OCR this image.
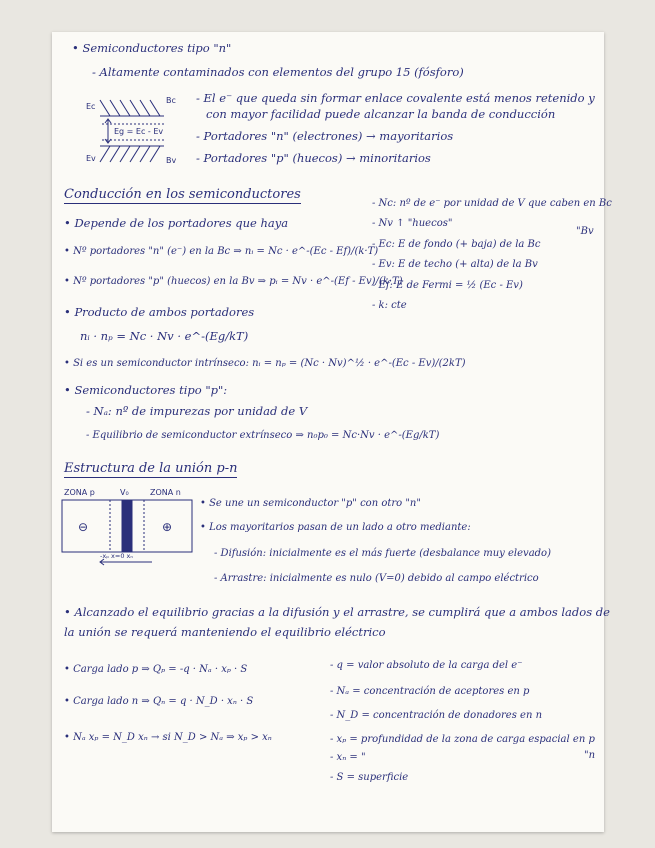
• Semiconductores tipo "n"
- Altamente contaminados con elementos del grupo 15 (fósforo)
Ec
Bc
Eg = Ec - Ev
Ev	Bv
- El e⁻ que queda sin formar enlace covalente está menos retenido y
con mayor facilidad puede alcanzar la banda de conducción
- Portadores "n" (electrones) → mayoritarios
- Portadores "p" (huecos) → minoritarios
Conducción en los semiconductores
• Depende de los portadores que haya
• Nº portadores "n" (e⁻) en la Bc ⇒ nᵢ = Nc · e^-(Ec - Ef)/(k·T)
• Nº portadores "p" (huecos) en la Bv ⇒ pᵢ = Nv · e^-(Ef - Ev)/(k·T)
• Producto de ambos portadores
nᵢ · nₚ = Nc · Nv · e^-(Eg/kT)
• Si es un semiconductor intrínseco: nᵢ = nₚ = (Nc · Nv)^½ · e^-(Ec - Ev)/(2kT)
• Semiconductores tipo "p":
- Nₐ: nº de impurezas por unidad de V
- Equilibrio de semiconductor extrínseco ⇒ n₀p₀ = Nc·Nv · e^-(Eg/kT)
- Nc: nº de e⁻ por unidad de V que caben en Bc
- Nv ↑ "huecos"
"Bv
- Ec: E de fondo (+ baja) de la Bc
- Ev: E de techo (+ alta) de la Bv
- Ef: E de Fermi = ½ (Ec - Ev)
- k: cte
Estructura de la unión p-n
ZONA p	V₀	ZONA n
⊖	⊕
-xₚ x=0 xₙ
• Se une un semiconductor "p" con otro "n"
• Los mayoritarios pasan de un lado a otro mediante:
- Difusión: inicialmente es el más fuerte (desbalance muy elevado)
- Arrastre: inicialmente es nulo (V=0) debido al campo eléctrico
• Alcanzado el equilibrio gracias a la difusión y el arrastre, se cumplirá que a ambos lados de
la unión se requerá manteniendo el equilibrio eléctrico
• Carga lado p ⇒ Qₚ = -q · Nₐ · xₚ · S
• Carga lado n ⇒ Qₙ = q · N_D · xₙ · S
• Nₐ xₚ = N_D xₙ → si N_D > Nₐ ⇒ xₚ > xₙ
- q = valor absoluto de la carga del e⁻
- Nₐ = concentración de aceptores en p
- N_D = concentración de donadores en n
- xₚ = profundidad de la zona de carga espacial en p
"n
- xₙ = "
- S = superficie
